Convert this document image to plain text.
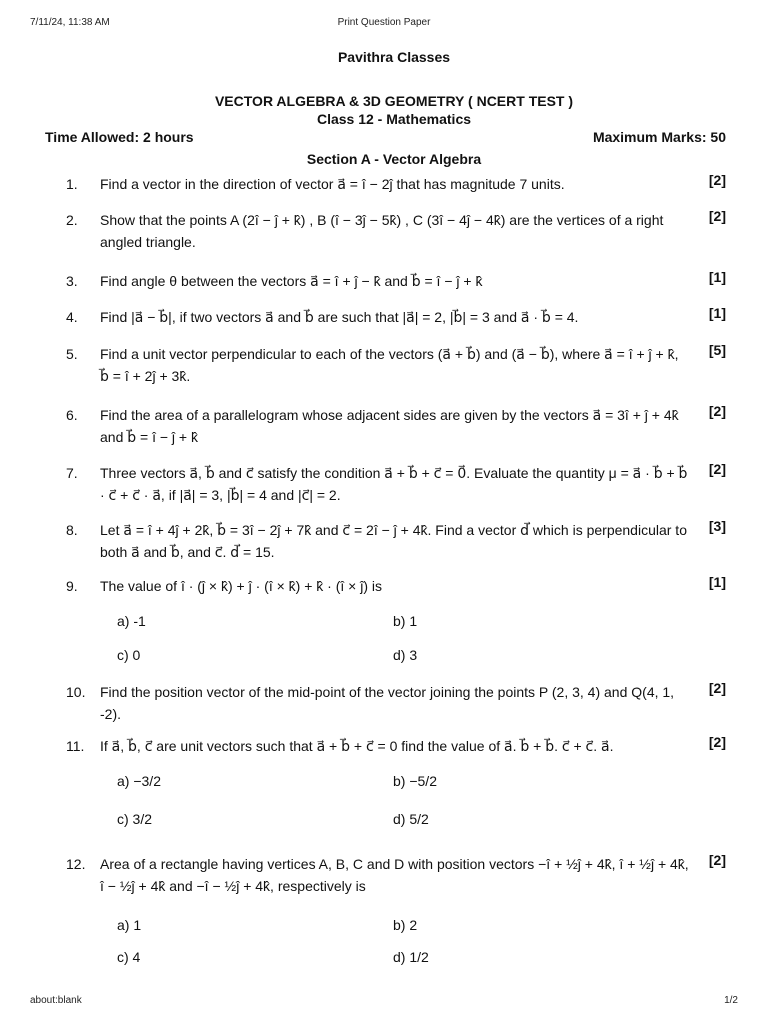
7/11/24, 11:38 AM	Print Question Paper
about:blank	1/2
Pavithra Classes
VECTOR ALGEBRA & 3D GEOMETRY ( NCERT TEST )
Class 12 - Mathematics
Time Allowed: 2 hours	Maximum Marks: 50
Section A - Vector Algebra
1. Find a vector in the direction of vector a⃗ = î − 2ĵ that has magnitude 7 units.	[2]
2. Show that the points A (2î − ĵ + k̂) , B (î − 3ĵ − 5k̂) , C (3î − 4ĵ − 4k̂) are the vertices of a right angled triangle.
[2]
3. Find angle θ between the vectors a⃗ = î + ĵ − k̂ and b⃗ = î − ĵ + k̂	[1]
4. Find |a⃗ − b⃗|, if two vectors a⃗ and b⃗ are such that |a⃗| = 2, |b⃗| = 3 and a⃗ · b⃗ = 4.	[1]
5. Find a unit vector perpendicular to each of the vectors (a⃗ + b⃗) and (a⃗ − b⃗), where a⃗ = î + ĵ + k̂, b⃗ = î + 2ĵ + 3k̂.
[5]
6. Find the area of a parallelogram whose adjacent sides are given by the vectors a⃗ = 3î + ĵ + 4k̂ and b⃗ = î − ĵ + k̂
[2]
7. Three vectors a⃗, b⃗ and c⃗ satisfy the condition a⃗ + b⃗ + c⃗ = 0⃗. Evaluate the quantity μ = a⃗ · b⃗ + b⃗ · c⃗ + c⃗ · a⃗, if |a⃗| = 3, |b⃗| = 4 and |c⃗| = 2.
[2]
8. Let a⃗ = î + 4ĵ + 2k̂, b⃗ = 3î − 2ĵ + 7k̂ and c⃗ = 2î − ĵ + 4k̂. Find a vector d⃗ which is perpendicular to both a⃗ and b⃗, and c⃗. d⃗ = 15.
[3]
9. The value of î · (ĵ × k̂) + ĵ · (î × k̂) + k̂ · (î × ĵ) is	[1]
a) -1	b) 1
c) 0	d) 3
10. Find the position vector of the mid-point of the vector joining the points P (2, 3, 4) and Q(4, 1, -2).
[2]
11. If a⃗, b⃗, c⃗ are unit vectors such that a⃗ + b⃗ + c⃗ = 0 find the value of a⃗. b⃗ + b⃗. c⃗ + c⃗. a⃗.	[2]
a) −3/2	b) −5/2
c) 3/2	d) 5/2
12. Area of a rectangle having vertices A, B, C and D with position vectors −î + ½ĵ + 4k̂, î + ½ĵ + 4k̂, î − ½ĵ + 4k̂ and −î − ½ĵ + 4k̂, respectively is
[2]
a) 1	b) 2
c) 4	d) 1/2
